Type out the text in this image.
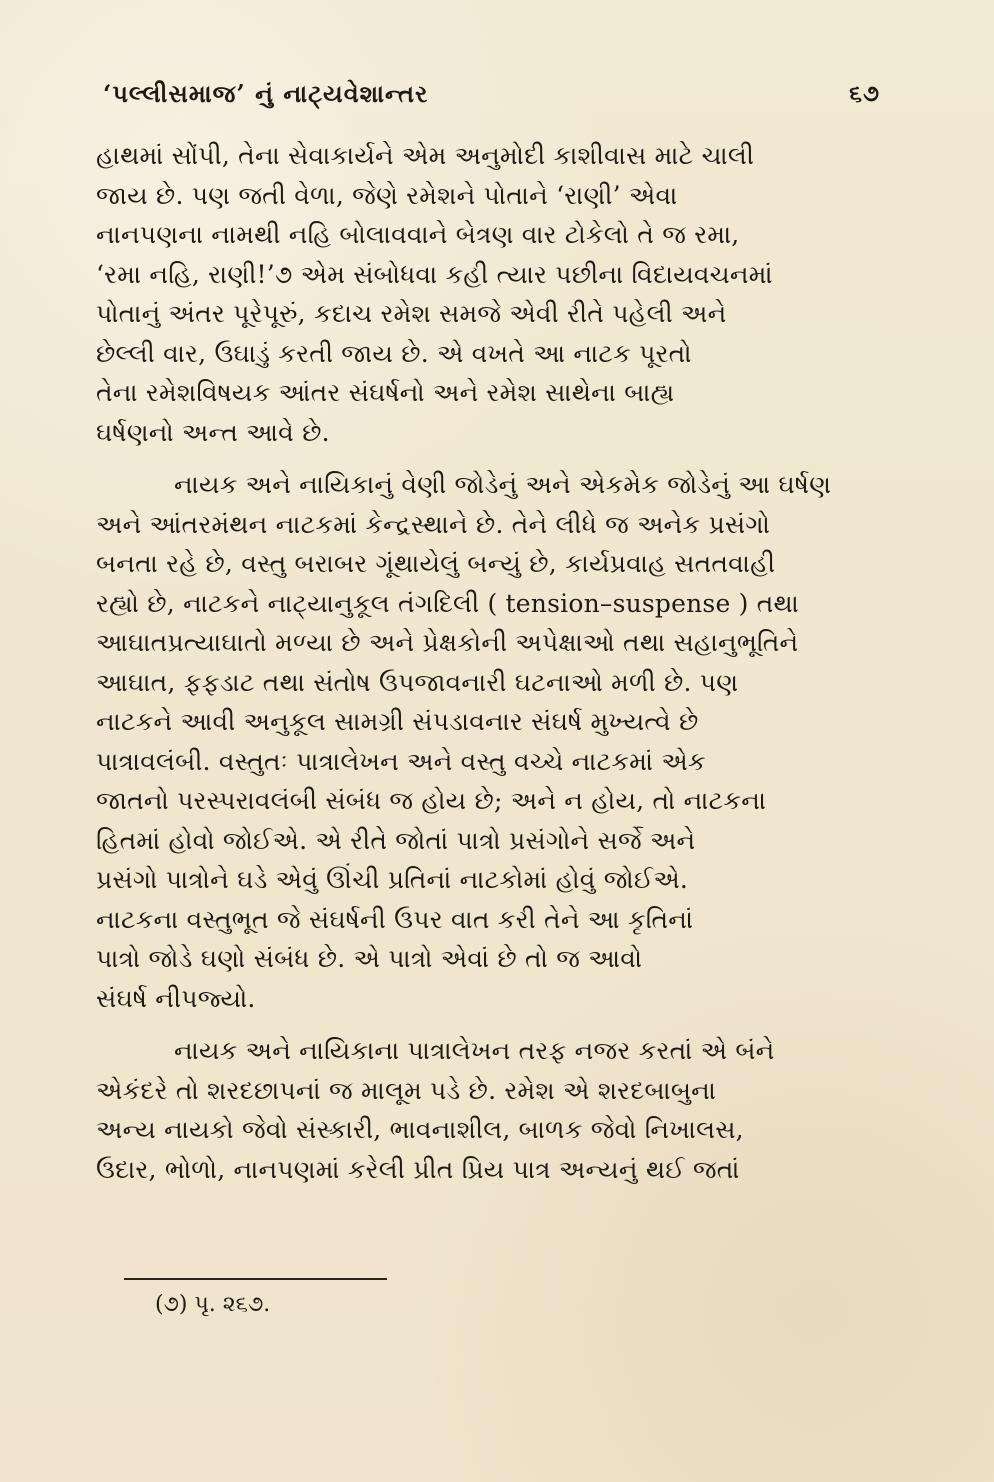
‘પલ્લીસમાજ’ નું નાટ્યવેશાન્તર	૬૭

હાથમાં સોંપી, તેના સેવાકાર્યને એમ અનુમોદી કાશીવાસ માટે ચાલી
જાય છે. પણ જતી વેળા, જેણે રમેશને પોતાને ‘રાણી’ એવા
નાનપણના નામથી નહિ બોલાવવાને બેત્રણ વાર ટોકેલો તે જ રમા,
‘રમા નહિ, રાણી!’૭ એમ સંબોધવા કહી ત્યાર પછીના વિદાયવચનમાં
પોતાનું અંતર પૂરેપૂરું, કદાચ રમેશ સમજે એવી રીતે પહેલી અને
છેલ્લી વાર, ઉઘાડું કરતી જાય છે. એ વખતે આ નાટક પૂરતો
તેના રમેશવિષયક આંતર સંઘર્ષનો અને રમેશ સાથેના બાહ્ય
ઘર્ષણનો અન્ત આવે છે.

નાયક અને નાયિકાનું વેણી જોડેનું અને એકમેક જોડેનું આ ઘર્ષણ
અને આંતરમંથન નાટકમાં કેન્દ્રસ્થાને છે. તેને લીધે જ અનેક પ્રસંગો
બનતા રહે છે, વસ્તુ બરાબર ગૂંથાયેલું બન્યું છે, કાર્યપ્રવાહ સતતવાહી
રહ્યો છે, નાટકને નાટ્યાનુકૂલ તંગદિલી ( tension–suspense ) તથા
આઘાતપ્રત્યાઘાતો મળ્યા છે અને પ્રેક્ષકોની અપેક્ષાઓ તથા સહાનુભૂતિને
આઘાત, ફફડાટ તથા સંતોષ ઉપજાવનારી ઘટનાઓ મળી છે. પણ
નાટકને આવી અનુકૂલ સામગ્રી સંપડાવનાર સંઘર્ષ મુખ્યત્વે છે
પાત્રાવલંબી. વસ્તુતઃ પાત્રાલેખન અને વસ્તુ વચ્ચે નાટકમાં એક
જાતનો પરસ્પરાવલંબી સંબંધ જ હોય છે; અને ન હોય, તો નાટકના
હિતમાં હોવો જોઈએ. એ રીતે જોતાં પાત્રો પ્રસંગોને સર્જે અને
પ્રસંગો પાત્રોને ઘડે એવું ઊંચી પ્રતિનાં નાટકોમાં હોવું જોઈએ.
નાટકના વસ્તુભૂત જે સંઘર્ષની ઉપર વાત કરી તેને આ કૃતિનાં
પાત્રો જોડે ઘણો સંબંધ છે. એ પાત્રો એવાં છે તો જ આવો
સંઘર્ષ નીપજ્યો.

નાયક અને નાયિકાના પાત્રાલેખન તરફ નજર કરતાં એ બંને
એકંદરે તો શરદછાપનાં જ માલૂમ પડે છે. રમેશ એ શરદબાબુના
અન્ય નાયકો જેવો સંસ્કારી, ભાવનાશીલ, બાળક જેવો નિખાલસ,
ઉદાર, ભોળો, નાનપણમાં કરેલી પ્રીત પ્રિય પાત્ર અન્યનું થઈ જતાં

(૭) પૃ. ૨૬૭.
